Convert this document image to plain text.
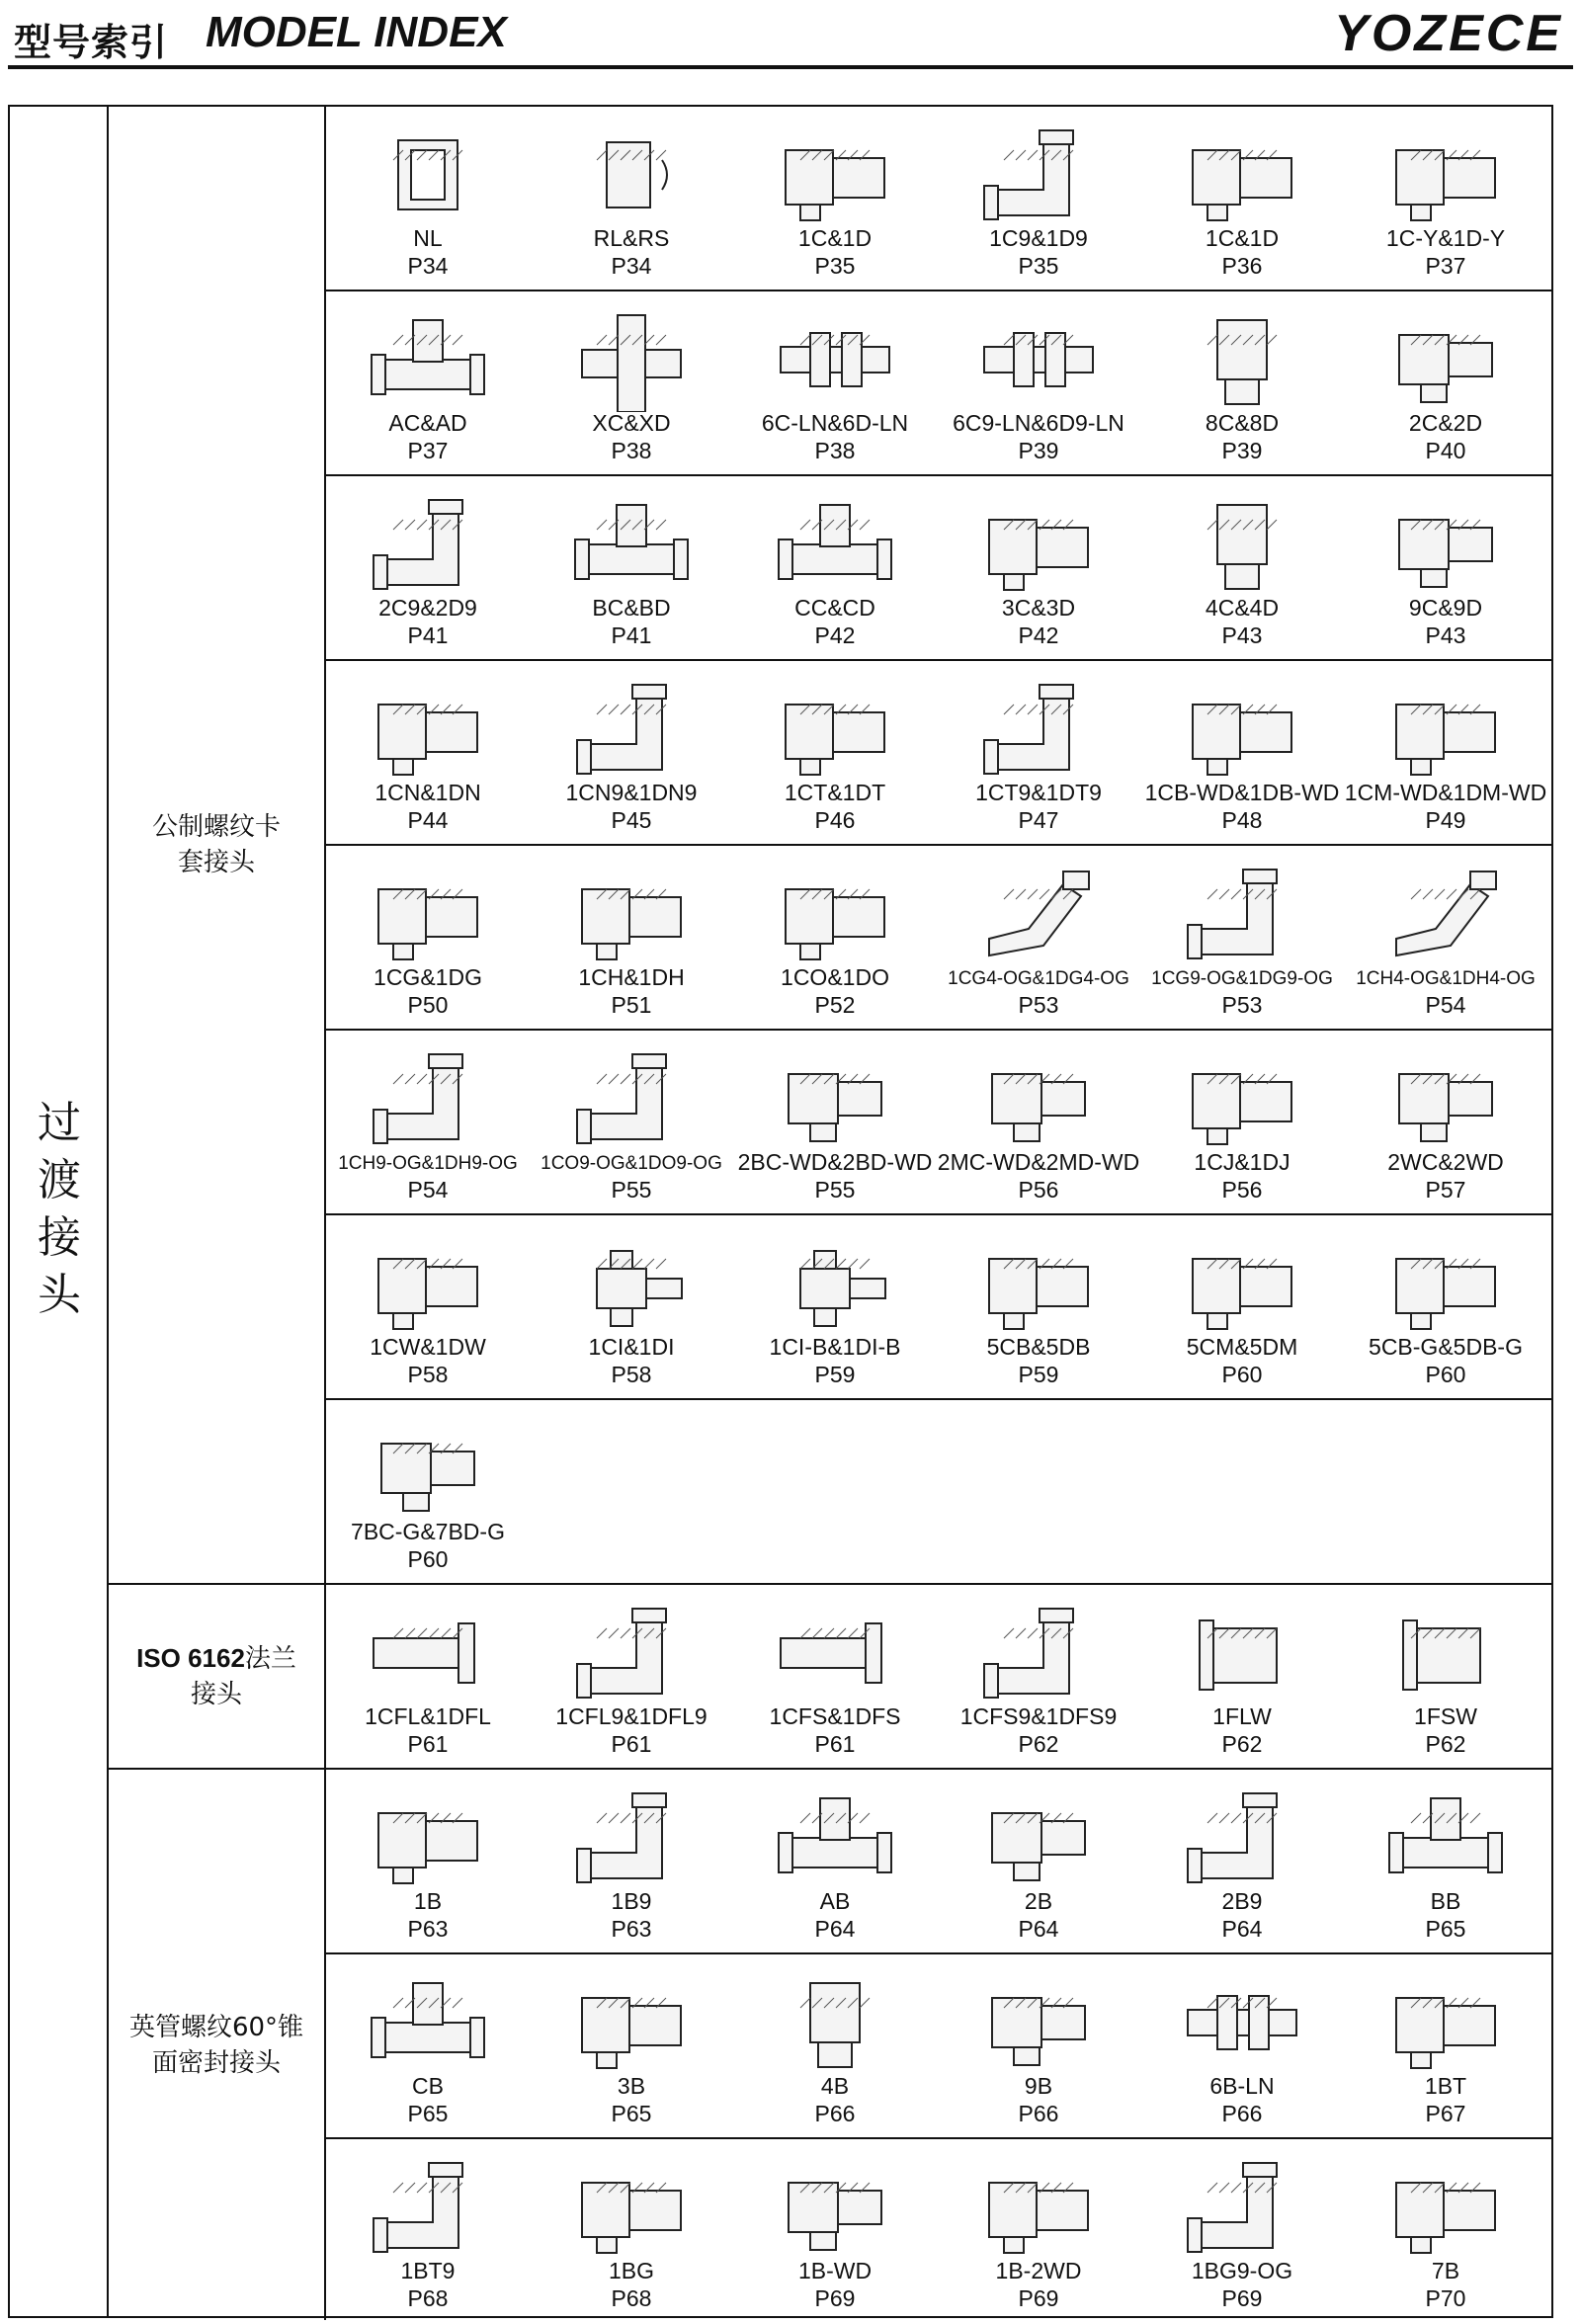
型号索引 MODEL INDEX	YOZECE
过
渡
接
头
公制螺纹卡
套接头
ISO 6162法兰
接头
英管螺纹60°锥
面密封接头
NL
P34
RL&RS
P34
1C&1D
P35
1C9&1D9
P35
1C&1D
P36
1C-Y&1D-Y
P37
AC&AD
P37
XC&XD
P38
6C-LN&6D-LN
P38
6C9-LN&6D9-LN
P39
8C&8D
P39
2C&2D
P40
2C9&2D9
P41
BC&BD
P41
CC&CD
P42
3C&3D
P42
4C&4D
P43
9C&9D
P43
1CN&1DN
P44
1CN9&1DN9
P45
1CT&1DT
P46
1CT9&1DT9
P47
1CB-WD&1DB-WD
P48
1CM-WD&1DM-WD
P49
1CG&1DG
P50
1CH&1DH
P51
1CO&1DO
P52
1CG4-OG&1DG4-OG
P53
1CG9-OG&1DG9-OG
P53
1CH4-OG&1DH4-OG
P54
1CH9-OG&1DH9-OG
P54
1CO9-OG&1DO9-OG
P55
2BC-WD&2BD-WD
P55
2MC-WD&2MD-WD
P56
1CJ&1DJ
P56
2WC&2WD
P57
1CW&1DW
P58
1CI&1DI
P58
1CI-B&1DI-B
P59
5CB&5DB
P59
5CM&5DM
P60
5CB-G&5DB-G
P60
7BC-G&7BD-G
P60
1CFL&1DFL
P61
1CFL9&1DFL9
P61
1CFS&1DFS
P61
1CFS9&1DFS9
P62
1FLW
P62
1FSW
P62
1B
P63
1B9
P63
AB
P64
2B
P64
2B9
P64
BB
P65
CB
P65
3B
P65
4B
P66
9B
P66
6B-LN
P66
1BT
P67
1BT9
P68
1BG
P68
1B-WD
P69
1B-2WD
P69
1BG9-OG
P69
7B
P70
